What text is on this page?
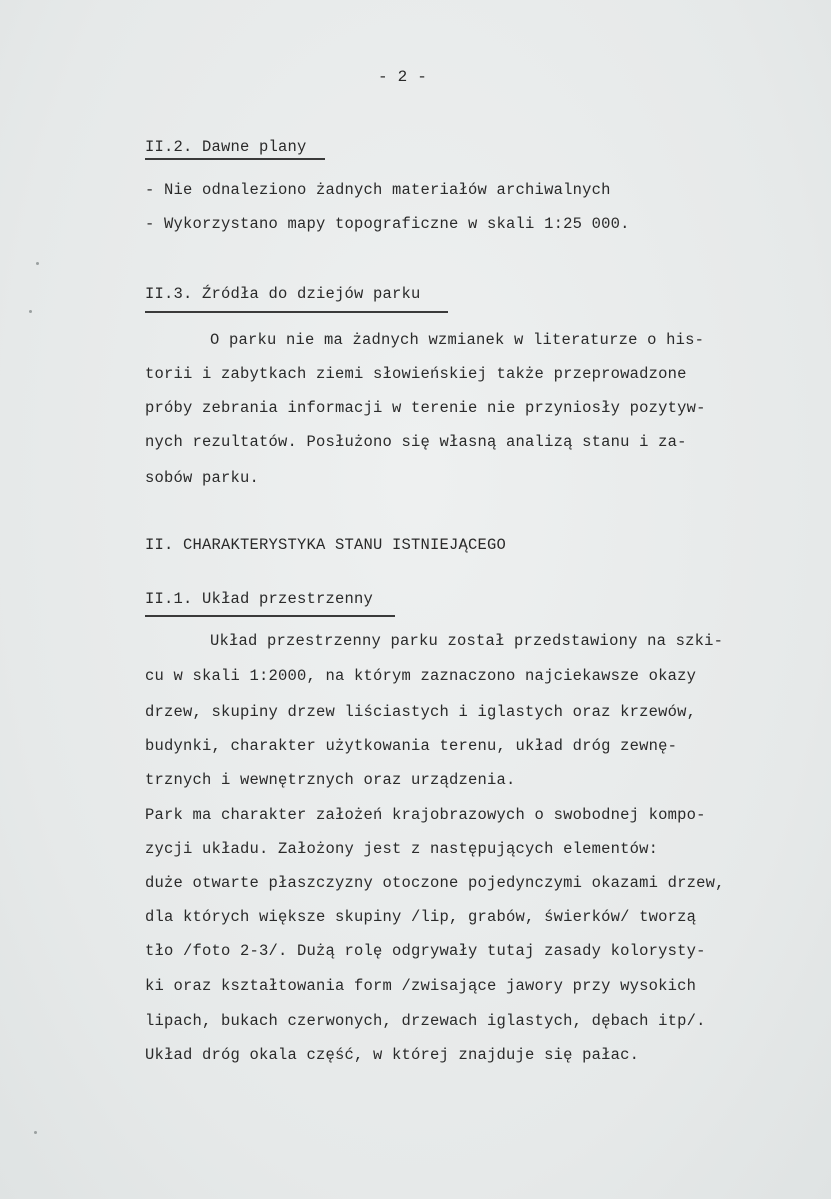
- 2 -
II.2. Dawne plany
- Nie odnaleziono żadnych materiałów archiwalnych
- Wykorzystano mapy topograficzne w skali 1:25 000.
II.3. Źródła do dziejów parku
O parku nie ma żadnych wzmianek w literaturze o his-
torii i zabytkach ziemi słowieńskiej także przeprowadzone
próby zebrania informacji w terenie nie przyniosły pozytyw-
nych rezultatów. Posłużono się własną analizą stanu i za-
sobów parku.
II. CHARAKTERYSTYKA STANU ISTNIEJĄCEGO
II.1. Układ przestrzenny
Układ przestrzenny parku został przedstawiony na szki-
cu w skali 1:2000, na którym zaznaczono najciekawsze okazy
drzew, skupiny drzew liściastych i iglastych oraz krzewów,
budynki, charakter użytkowania terenu, układ dróg zewnę-
trznych i wewnętrznych oraz urządzenia.
Park ma charakter założeń krajobrazowych o swobodnej kompo-
zycji układu. Założony jest z następujących elementów:
duże otwarte płaszczyzny otoczone pojedynczymi okazami drzew,
dla których większe skupiny /lip, grabów, świerków/ tworzą
tło /foto 2-3/. Dużą rolę odgrywały tutaj zasady kolorysty-
ki oraz kształtowania form /zwisające jawory przy wysokich
lipach, bukach czerwonych, drzewach iglastych, dębach itp/.
Układ dróg okala część, w której znajduje się pałac.
